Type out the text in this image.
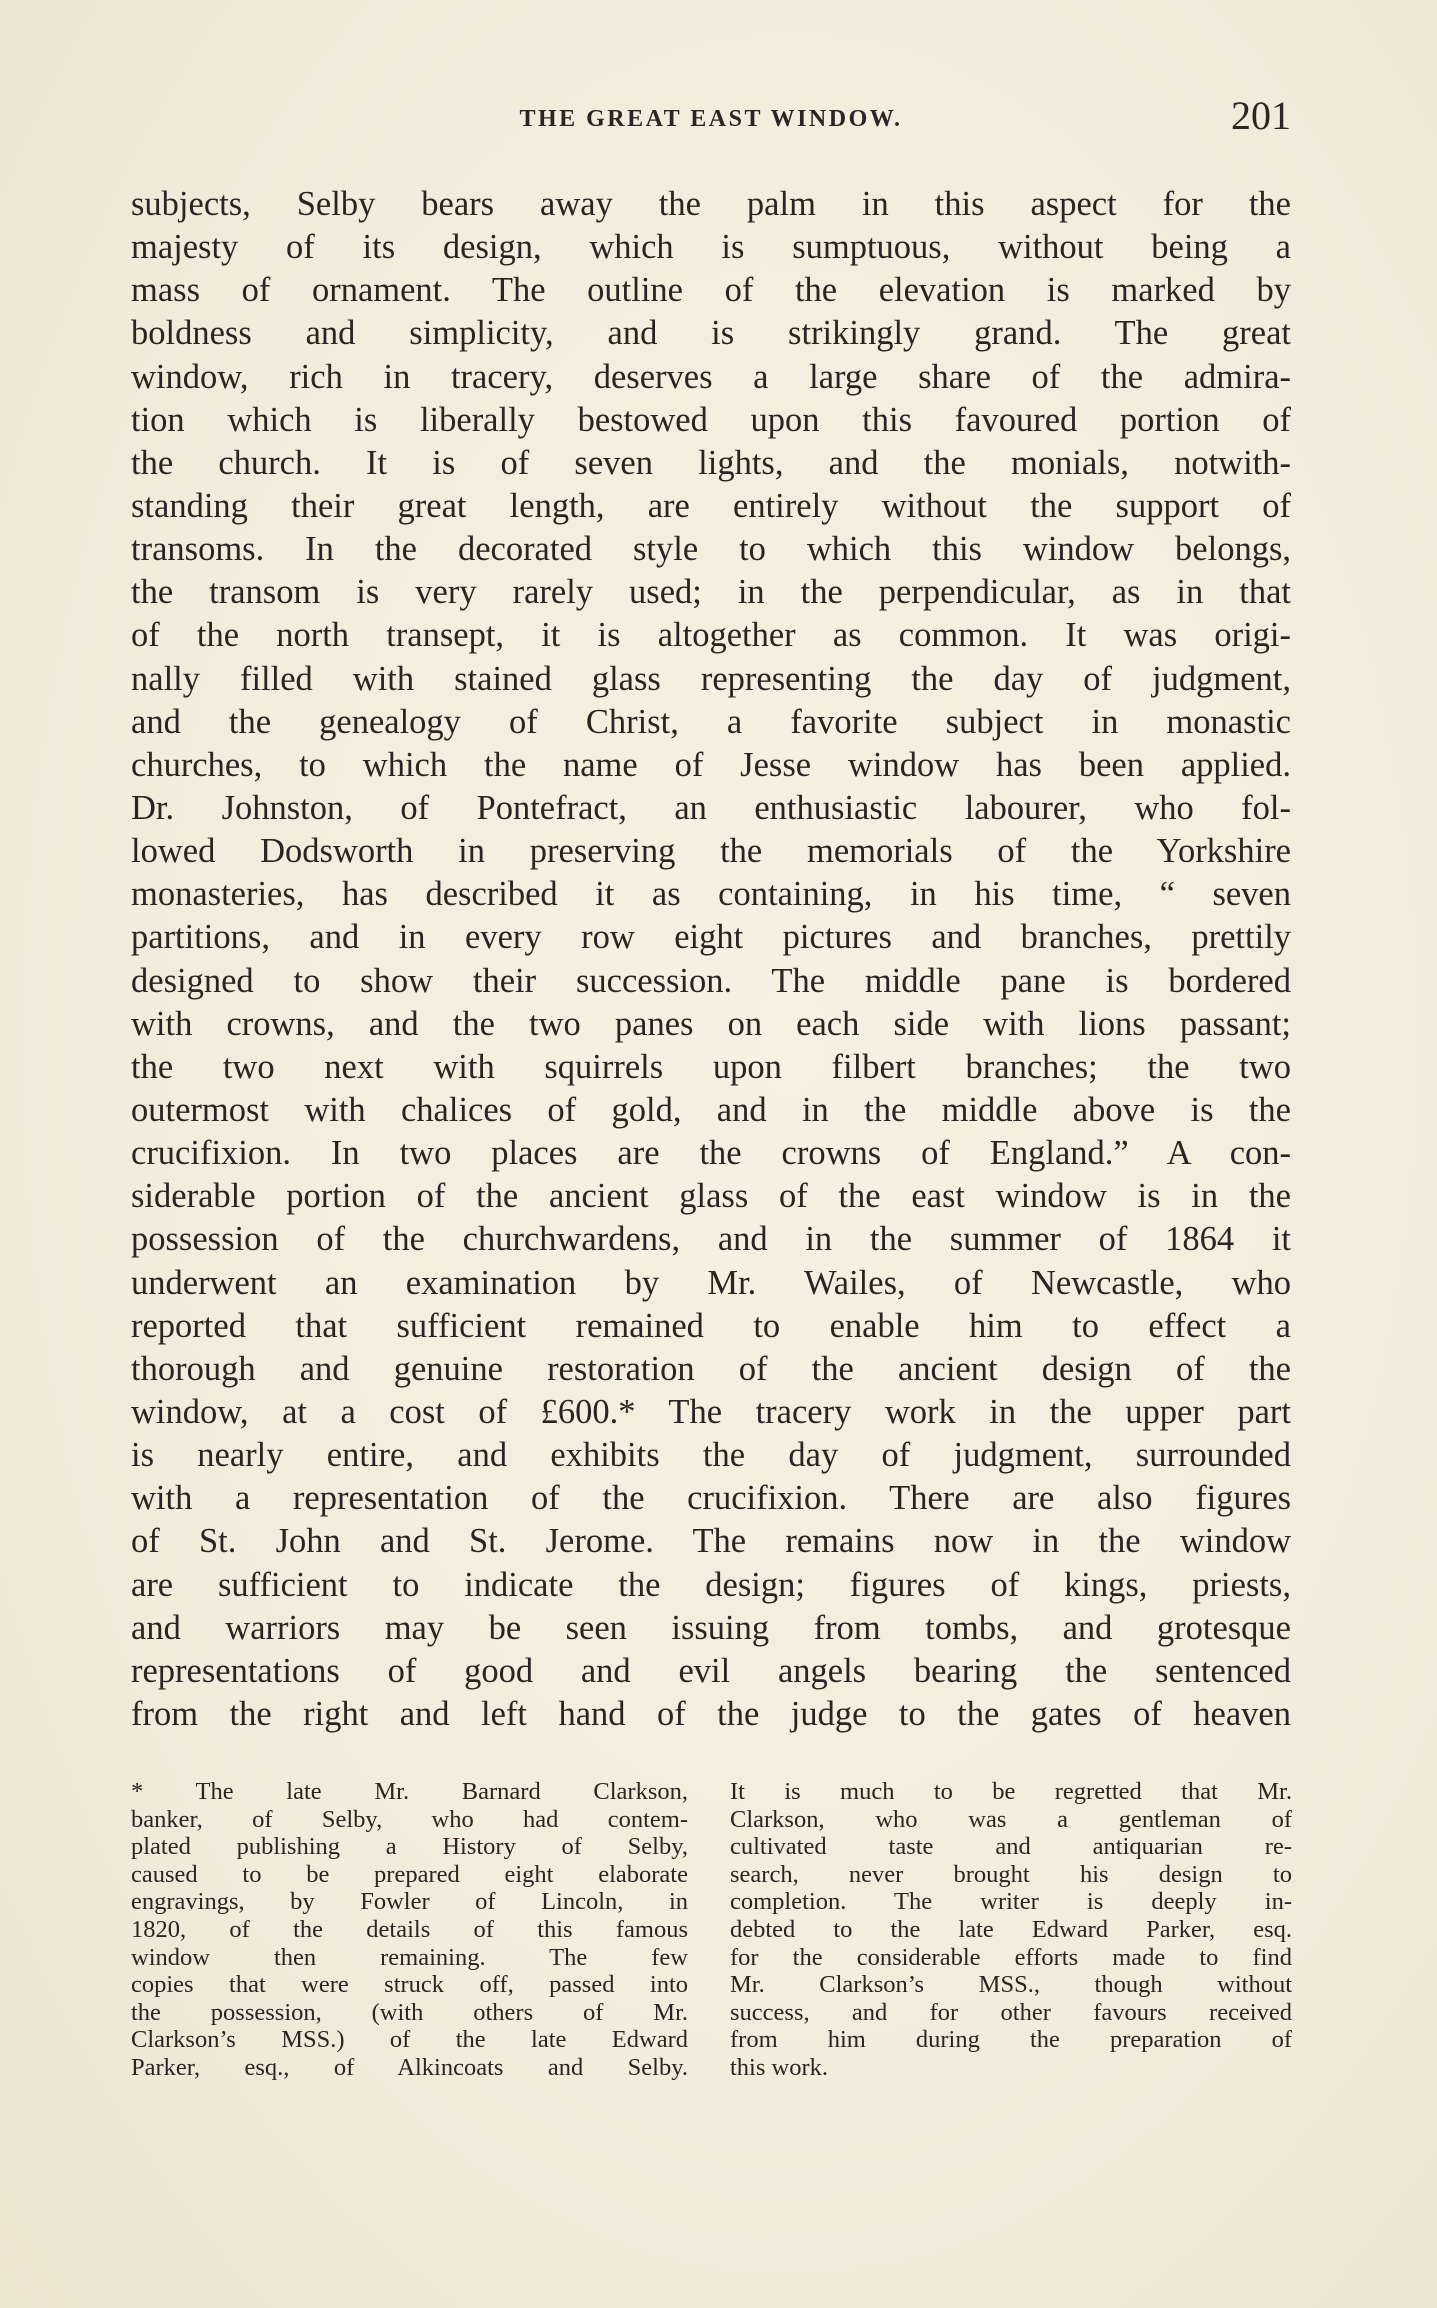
THE GREAT EAST WINDOW.	201
subjects, Selby bears away the palm in this aspect for the
majesty of its design, which is sumptuous, without being a
mass of ornament. The outline of the elevation is marked by
boldness and simplicity, and is strikingly grand. The great
window, rich in tracery, deserves a large share of the admira-
tion which is liberally bestowed upon this favoured portion of
the church. It is of seven lights, and the monials, notwith-
standing their great length, are entirely without the support of
transoms. In the decorated style to which this window belongs,
the transom is very rarely used; in the perpendicular, as in that
of the north transept, it is altogether as common. It was origi-
nally filled with stained glass representing the day of judgment,
and the genealogy of Christ, a favorite subject in monastic
churches, to which the name of Jesse window has been applied.
Dr. Johnston, of Pontefract, an enthusiastic labourer, who fol-
lowed Dodsworth in preserving the memorials of the Yorkshire
monasteries, has described it as containing, in his time, “ seven
partitions, and in every row eight pictures and branches, prettily
designed to show their succession. The middle pane is bordered
with crowns, and the two panes on each side with lions passant;
the two next with squirrels upon filbert branches; the two
outermost with chalices of gold, and in the middle above is the
crucifixion. In two places are the crowns of England.” A con-
siderable portion of the ancient glass of the east window is in the
possession of the churchwardens, and in the summer of 1864 it
underwent an examination by Mr. Wailes, of Newcastle, who
reported that sufficient remained to enable him to effect a
thorough and genuine restoration of the ancient design of the
window, at a cost of £600.* The tracery work in the upper part
is nearly entire, and exhibits the day of judgment, surrounded
with a representation of the crucifixion. There are also figures
of St. John and St. Jerome. The remains now in the window
are sufficient to indicate the design; figures of kings, priests,
and warriors may be seen issuing from tombs, and grotesque
representations of good and evil angels bearing the sentenced
from the right and left hand of the judge to the gates of heaven
* The late Mr. Barnard Clarkson,
banker, of Selby, who had contem-
plated publishing a History of Selby,
caused to be prepared eight elaborate
engravings, by Fowler of Lincoln, in
1820, of the details of this famous
window then remaining. The few
copies that were struck off, passed into
the possession, (with others of Mr.
Clarkson’s MSS.) of the late Edward
Parker, esq., of Alkincoats and Selby.
It is much to be regretted that Mr.
Clarkson, who was a gentleman of
cultivated taste and antiquarian re-
search, never brought his design to
completion. The writer is deeply in-
debted to the late Edward Parker, esq.
for the considerable efforts made to find
Mr. Clarkson’s MSS., though without
success, and for other favours received
from him during the preparation of
this work.
